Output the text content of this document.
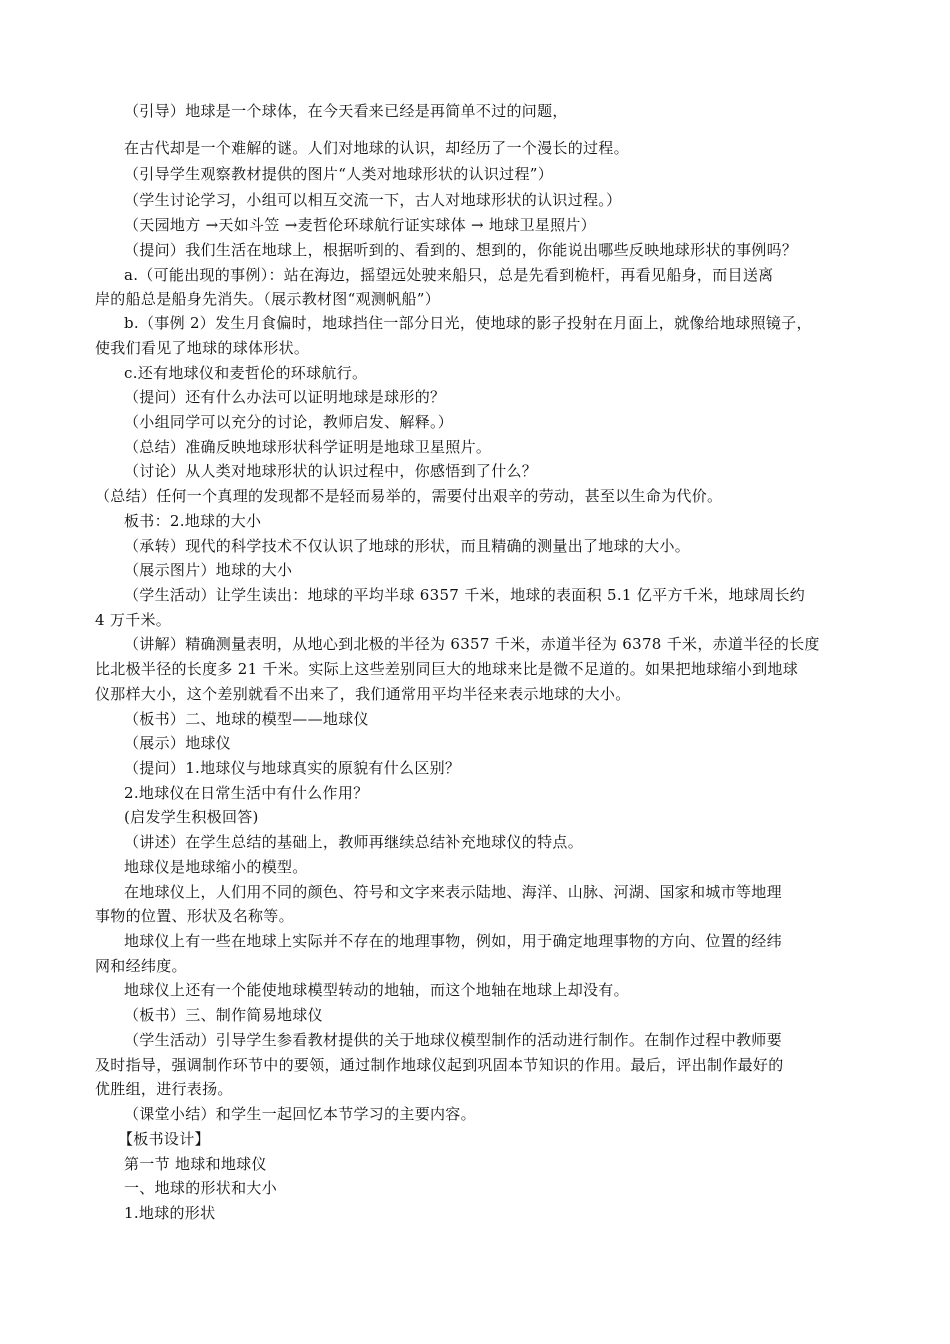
（引导）地球是一个球体，在今天看来已经是再简单不过的问题，
在古代却是一个难解的谜。人们对地球的认识，却经历了一个漫长的过程。
（引导学生观察教材提供的图片“人类对地球形状的认识过程”）
（学生讨论学习，小组可以相互交流一下，古人对地球形状的认识过程。）
（天园地方 →天如斗笠 →麦哲伦环球航行证实球体 → 地球卫星照片）
（提问）我们生活在地球上，根据听到的、看到的、想到的，你能说出哪些反映地球形状的事例吗？
a.（可能出现的事例）：站在海边，摇望远处驶来船只，总是先看到桅杆，再看见船身，而目送离
岸的船总是船身先消失。（展示教材图“观测帆船”）
b.（事例 2）发生月食偏时，地球挡住一部分日光，使地球的影子投射在月面上，就像给地球照镜子，
使我们看见了地球的球体形状。
c.还有地球仪和麦哲伦的环球航行。
（提问）还有什么办法可以证明地球是球形的？
（小组同学可以充分的讨论，教师启发、解释。）
（总结）准确反映地球形状科学证明是地球卫星照片。
（讨论）从人类对地球形状的认识过程中，你感悟到了什么？
（总结）任何一个真理的发现都不是轻而易举的，需要付出艰辛的劳动，甚至以生命为代价。
板书：2.地球的大小
（承转）现代的科学技术不仅认识了地球的形状，而且精确的测量出了地球的大小。
（展示图片）地球的大小
（学生活动）让学生读出：地球的平均半球 6357 千米，地球的表面积 5.1 亿平方千米，地球周长约
4 万千米。
（讲解）精确测量表明，从地心到北极的半径为 6357 千米，赤道半径为 6378 千米，赤道半径的长度
比北极半径的长度多 21 千米。实际上这些差别同巨大的地球来比是微不足道的。如果把地球缩小到地球
仪那样大小，这个差别就看不出来了，我们通常用平均半径来表示地球的大小。
（板书）二、地球的模型——地球仪
（展示）地球仪
（提问）1.地球仪与地球真实的原貌有什么区别？
2.地球仪在日常生活中有什么作用？
(启发学生积极回答)
（讲述）在学生总结的基础上，教师再继续总结补充地球仪的特点。
地球仪是地球缩小的模型。
在地球仪上，人们用不同的颜色、符号和文字来表示陆地、海洋、山脉、河湖、国家和城市等地理
事物的位置、形状及名称等。
地球仪上有一些在地球上实际并不存在的地理事物，例如，用于确定地理事物的方向、位置的经纬
网和经纬度。
地球仪上还有一个能使地球模型转动的地轴，而这个地轴在地球上却没有。
（板书）三、制作简易地球仪
（学生活动）引导学生参看教材提供的关于地球仪模型制作的活动进行制作。在制作过程中教师要
及时指导，强调制作环节中的要领，通过制作地球仪起到巩固本节知识的作用。最后，评出制作最好的
优胜组，进行表扬。
（课堂小结）和学生一起回忆本节学习的主要内容。
【板书设计】
第一节 地球和地球仪
一、地球的形状和大小
1.地球的形状
